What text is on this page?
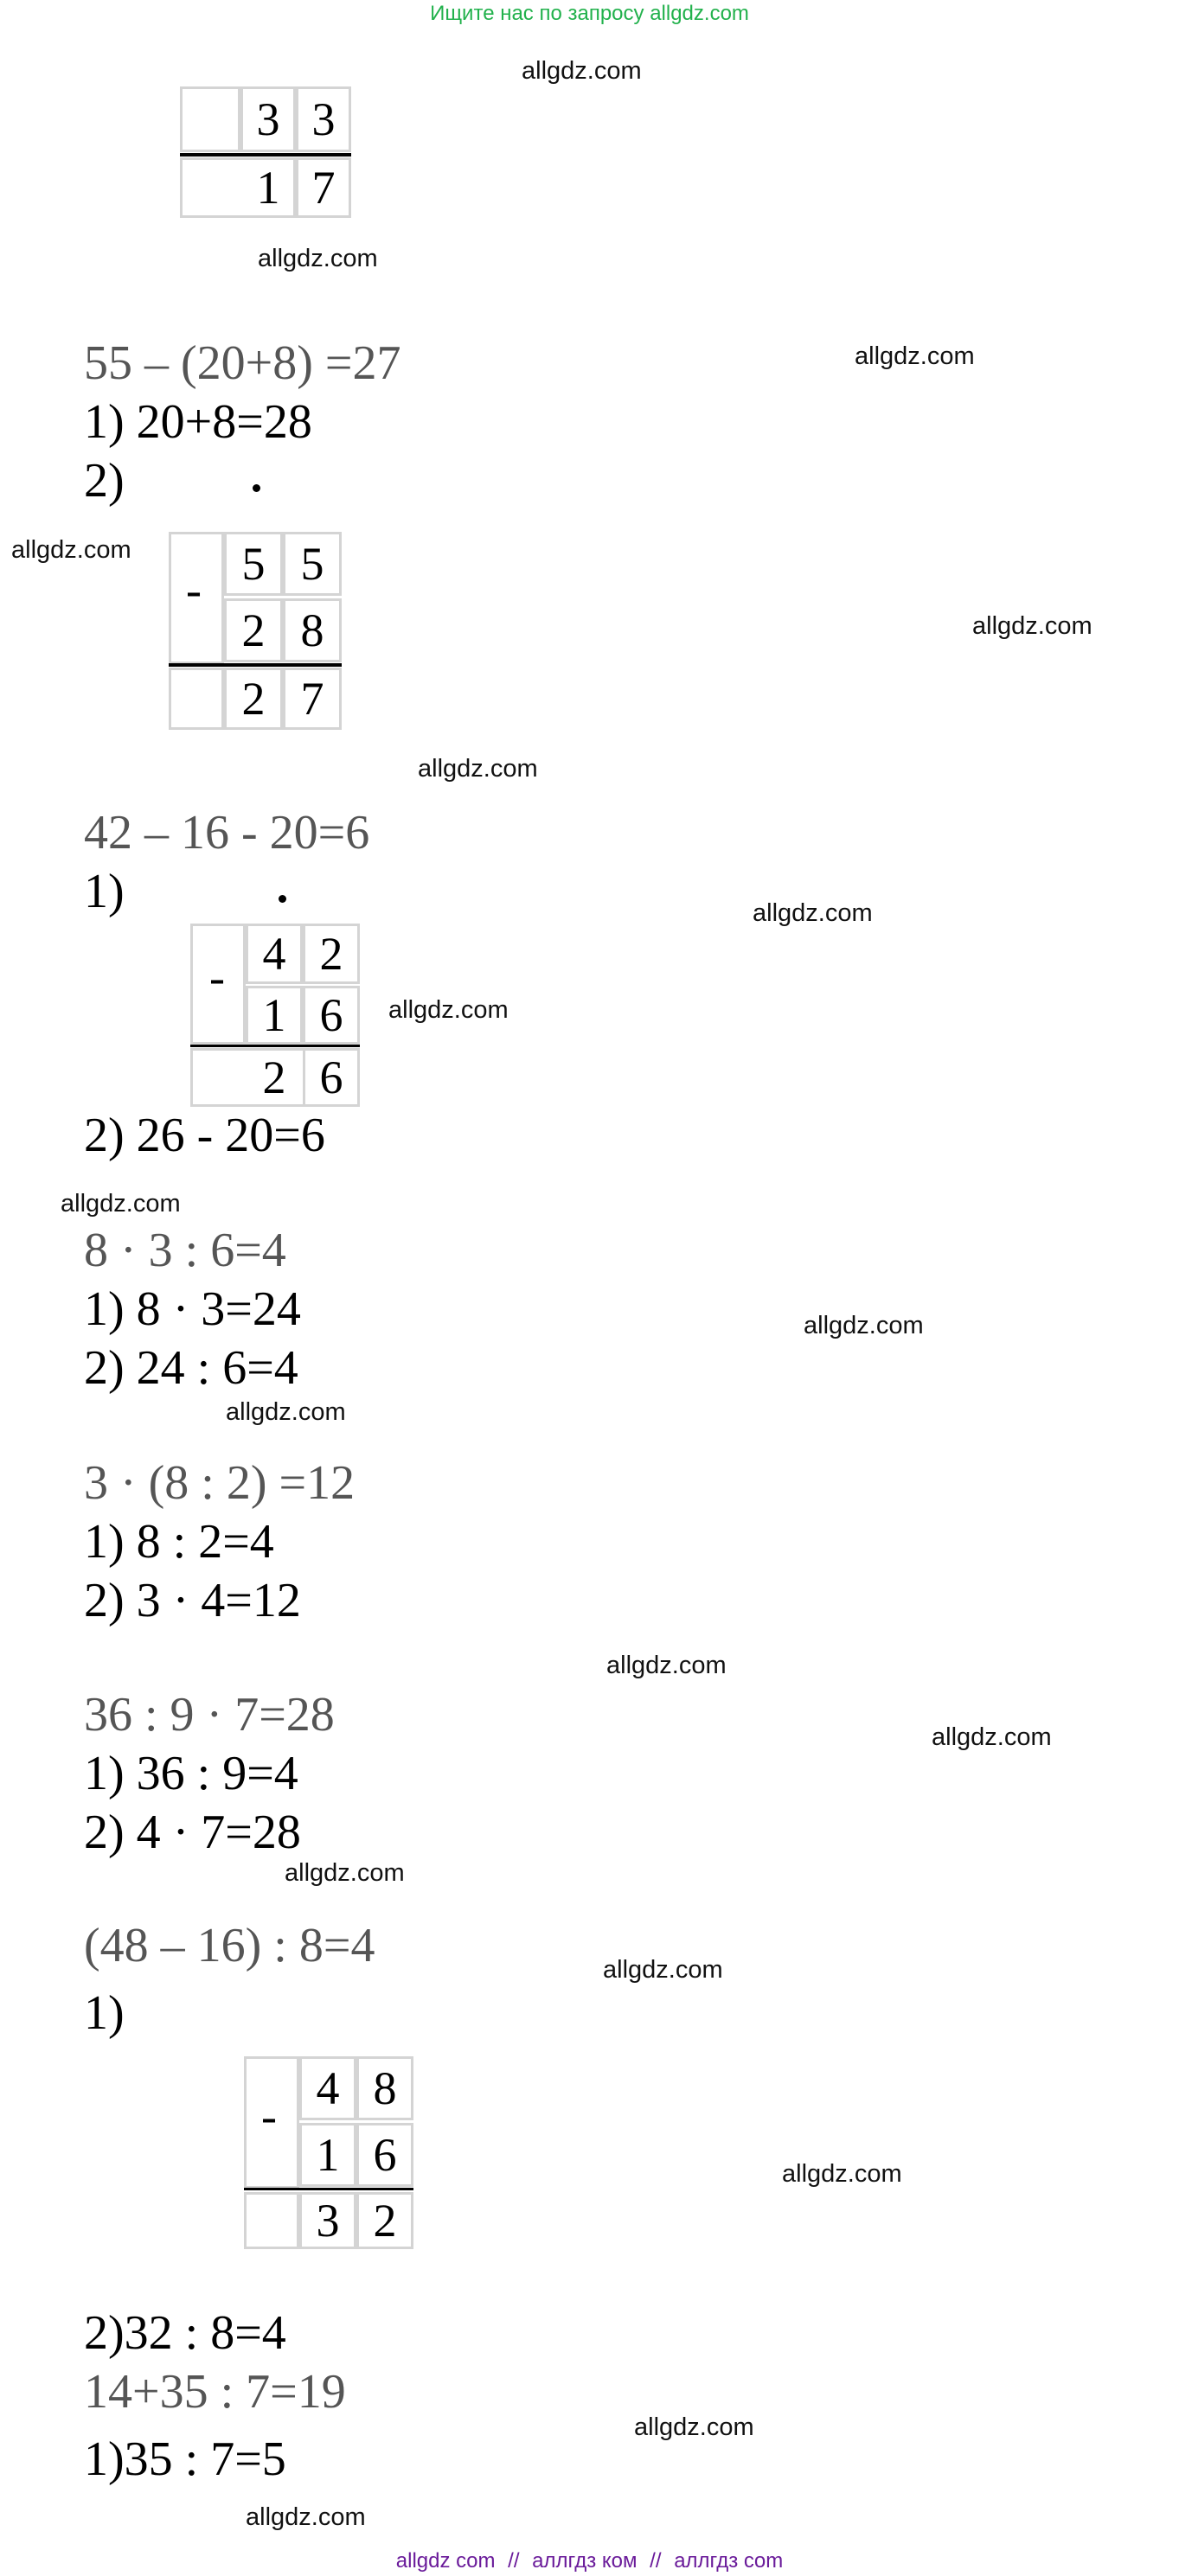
Ищите нас по запросу allgdz.com
3 3
1 7
55 – (20+8) =27
1) 20+8=28
2)
- 5 5
2 8
2 7
42 – 16 - 20=6
1)
- 4 2
1 6
2 6
2) 26 - 20=6
8 · 3 : 6=4
1) 8 · 3=24
2) 24 : 6=4
3 · (8 : 2) =12
1) 8 : 2=4
2) 3 · 4=12
36 : 9 · 7=28
1) 36 : 9=4
2) 4 · 7=28
(48 – 16) : 8=4
1)
-
4 8
1 6
3 2
2)32 : 8=4
14+35 : 7=19
1)35 : 7=5
allgdz.com
allgdz.com
allgdz.com
allgdz.com
allgdz.com
allgdz.com
allgdz.com
allgdz.com
allgdz.com
allgdz.com
allgdz.com
allgdz.com
allgdz.com
allgdz.com
allgdz.com
allgdz.com
allgdz.com
allgdz.com
allgdz com // аллгдз ком // аллгдз com
